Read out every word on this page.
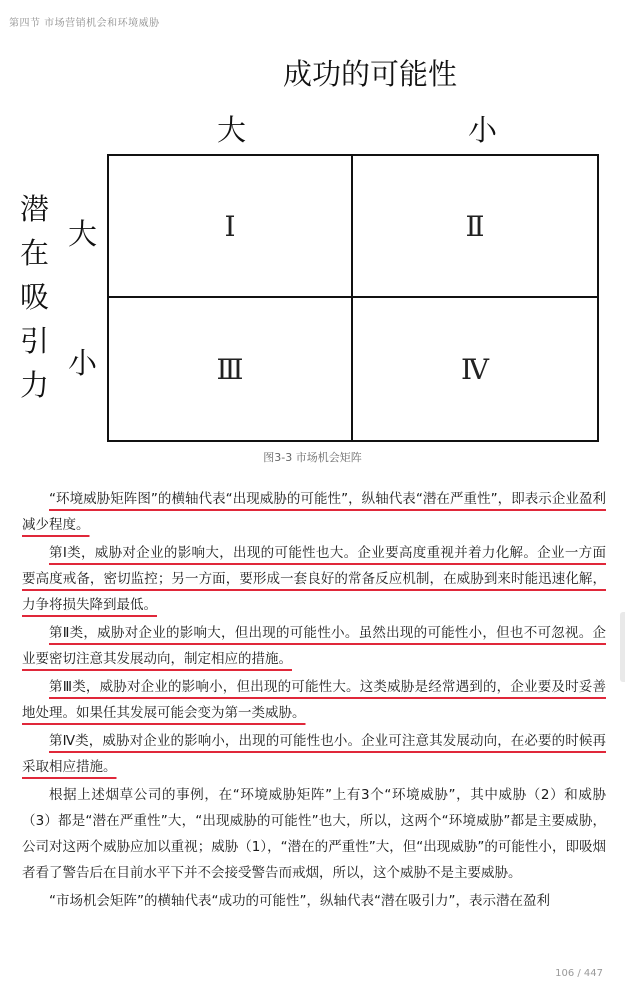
第四节 市场营销机会和环境威胁
成功的可能性
大	小
潜在吸引力
大
小
Ⅰ	Ⅱ
Ⅲ	Ⅳ
图3-3 市场机会矩阵

“环境威胁矩阵图”的横轴代表“出现威胁的可能性”，纵轴代表“潜在严重性”，即表示企业盈利减少程度。

第Ⅰ类，威胁对企业的影响大，出现的可能性也大。企业要高度重视并着力化解。企业一方面要高度戒备，密切监控；另一方面，要形成一套良好的常备反应机制，在威胁到来时能迅速化解，力争将损失降到最低。

第Ⅱ类，威胁对企业的影响大，但出现的可能性小。虽然出现的可能性小，但也不可忽视。企业要密切注意其发展动向，制定相应的措施。

第Ⅲ类，威胁对企业的影响小，但出现的可能性大。这类威胁是经常遇到的，企业要及时妥善地处理。如果任其发展可能会变为第一类威胁。

第Ⅳ类，威胁对企业的影响小，出现的可能性也小。企业可注意其发展动向，在必要的时候再采取相应措施。

根据上述烟草公司的事例，在“环境威胁矩阵”上有3个“环境威胁”，其中威胁（2）和威胁（3）都是“潜在严重性”大，“出现威胁的可能性”也大，所以，这两个“环境威胁”都是主要威胁，公司对这两个威胁应加以重视；威胁（1），“潜在的严重性”大，但“出现威胁”的可能性小，即吸烟者看了警告后在目前水平下并不会接受警告而戒烟，所以，这个威胁不是主要威胁。

“市场机会矩阵”的横轴代表“成功的可能性”，纵轴代表“潜在吸引力”，表示潜在盈利

106 / 447
